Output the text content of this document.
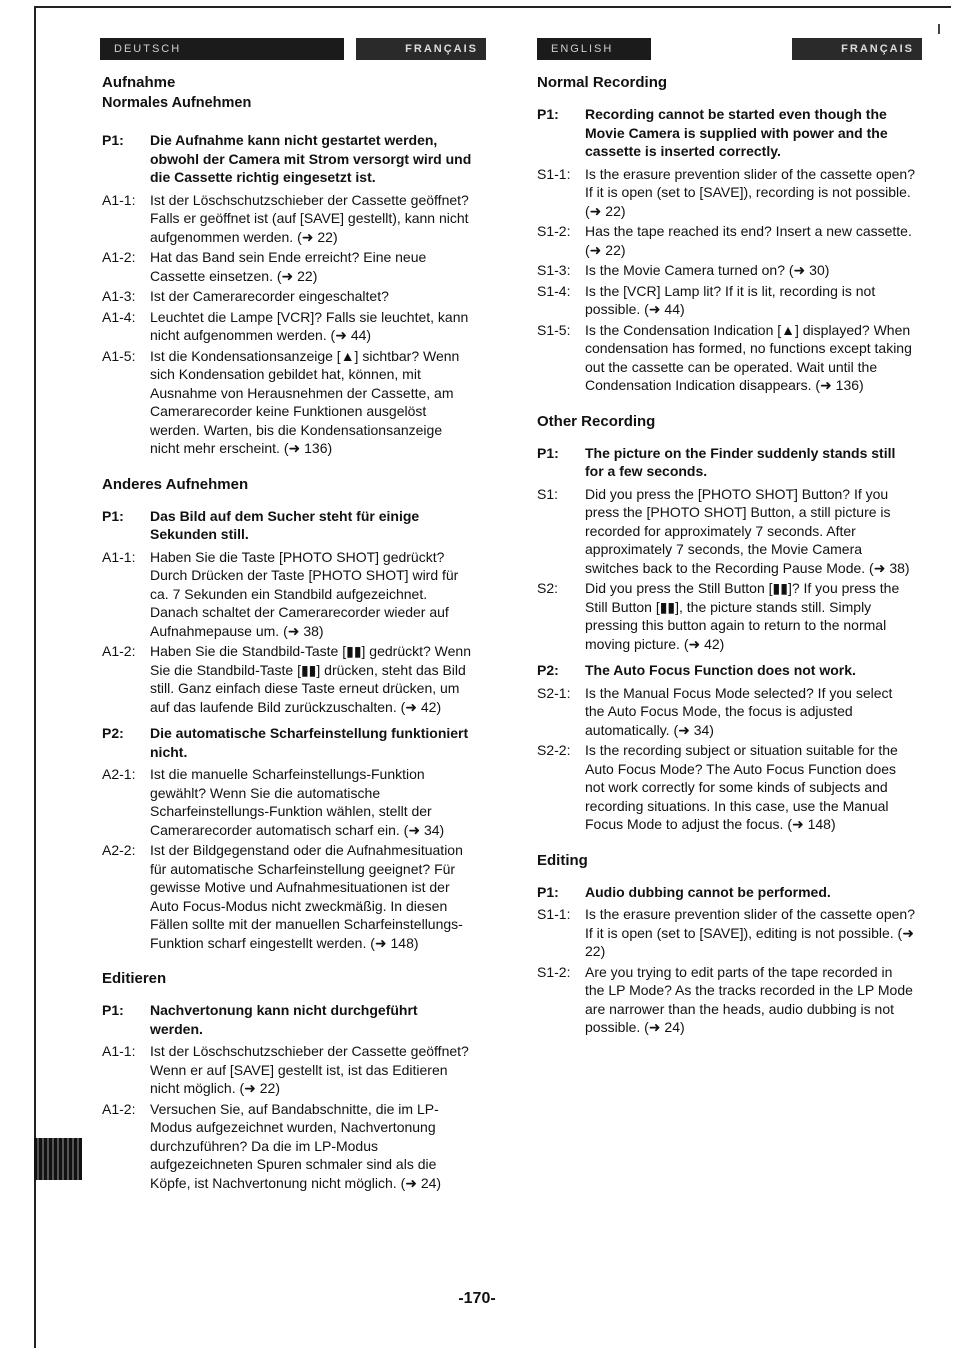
DEUTSCH	FRANÇAIS	ENGLISH	FRANÇAIS
Aufnahme
Normales Aufnehmen
P1:	Die Aufnahme kann nicht gestartet werden, obwohl der Camera mit Strom versorgt wird und die Cassette richtig eingesetzt ist.
A1-1:	Ist der Löschschutzschieber der Cassette geöffnet? Falls er geöffnet ist (auf [SAVE] gestellt), kann nicht aufgenommen werden. (➜ 22)
A1-2:	Hat das Band sein Ende erreicht? Eine neue Cassette einsetzen. (➜ 22)
A1-3:	Ist der Camerarecorder eingeschaltet?
A1-4:	Leuchtet die Lampe [VCR]? Falls sie leuchtet, kann nicht aufgenommen werden. (➜ 44)
A1-5:	Ist die Kondensationsanzeige [▲] sichtbar? Wenn sich Kondensation gebildet hat, können, mit Ausnahme von Herausnehmen der Cassette, am Camerarecorder keine Funktionen ausgelöst werden. Warten, bis die Kondensationsanzeige nicht mehr erscheint. (➜ 136)
Anderes Aufnehmen
P1:	Das Bild auf dem Sucher steht für einige Sekunden still.
A1-1:	Haben Sie die Taste [PHOTO SHOT] gedrückt? Durch Drücken der Taste [PHOTO SHOT] wird für ca. 7 Sekunden ein Standbild aufgezeichnet. Danach schaltet der Camerarecorder wieder auf Aufnahmepause um. (➜ 38)
A1-2:	Haben Sie die Standbild-Taste [▮▮] gedrückt? Wenn Sie die Standbild-Taste [▮▮] drücken, steht das Bild still. Ganz einfach diese Taste erneut drücken, um auf das laufende Bild zurückzuschalten. (➜ 42)
P2:	Die automatische Scharfeinstellung funktioniert nicht.
A2-1:	Ist die manuelle Scharfeinstellungs-Funktion gewählt? Wenn Sie die automatische Scharfeinstellungs-Funktion wählen, stellt der Camerarecorder automatisch scharf ein. (➜ 34)
A2-2:	Ist der Bildgegenstand oder die Aufnahmesituation für automatische Scharfeinstellung geeignet? Für gewisse Motive und Aufnahmesituationen ist der Auto Focus-Modus nicht zweckmäßig. In diesen Fällen sollte mit der manuellen Scharfeinstellungs-Funktion scharf eingestellt werden. (➜ 148)
Editieren
P1:	Nachvertonung kann nicht durchgeführt werden.
A1-1:	Ist der Löschschutzschieber der Cassette geöffnet? Wenn er auf [SAVE] gestellt ist, ist das Editieren nicht möglich. (➜ 22)
A1-2:	Versuchen Sie, auf Bandabschnitte, die im LP-Modus aufgezeichnet wurden, Nachvertonung durchzuführen? Da die im LP-Modus aufgezeichneten Spuren schmaler sind als die Köpfe, ist Nachvertonung nicht möglich. (➜ 24)
Normal Recording
P1:	Recording cannot be started even though the Movie Camera is supplied with power and the cassette is inserted correctly.
S1-1:	Is the erasure prevention slider of the cassette open? If it is open (set to [SAVE]), recording is not possible. (➜ 22)
S1-2:	Has the tape reached its end? Insert a new cassette. (➜ 22)
S1-3:	Is the Movie Camera turned on? (➜ 30)
S1-4:	Is the [VCR] Lamp lit? If it is lit, recording is not possible. (➜ 44)
S1-5:	Is the Condensation Indication [▲] displayed? When condensation has formed, no functions except taking out the cassette can be operated. Wait until the Condensation Indication disappears. (➜ 136)
Other Recording
P1:	The picture on the Finder suddenly stands still for a few seconds.
S1:	Did you press the [PHOTO SHOT] Button? If you press the [PHOTO SHOT] Button, a still picture is recorded for approximately 7 seconds. After approximately 7 seconds, the Movie Camera switches back to the Recording Pause Mode. (➜ 38)
S2:	Did you press the Still Button [▮▮]? If you press the Still Button [▮▮], the picture stands still. Simply pressing this button again to return to the normal moving picture. (➜ 42)
P2:	The Auto Focus Function does not work.
S2-1:	Is the Manual Focus Mode selected? If you select the Auto Focus Mode, the focus is adjusted automatically. (➜ 34)
S2-2:	Is the recording subject or situation suitable for the Auto Focus Mode? The Auto Focus Function does not work correctly for some kinds of subjects and recording situations. In this case, use the Manual Focus Mode to adjust the focus. (➜ 148)
Editing
P1:	Audio dubbing cannot be performed.
S1-1:	Is the erasure prevention slider of the cassette open? If it is open (set to [SAVE]), editing is not possible. (➜ 22)
S1-2:	Are you trying to edit parts of the tape recorded in the LP Mode? As the tracks recorded in the LP Mode are narrower than the heads, audio dubbing is not possible. (➜ 24)
-170-
